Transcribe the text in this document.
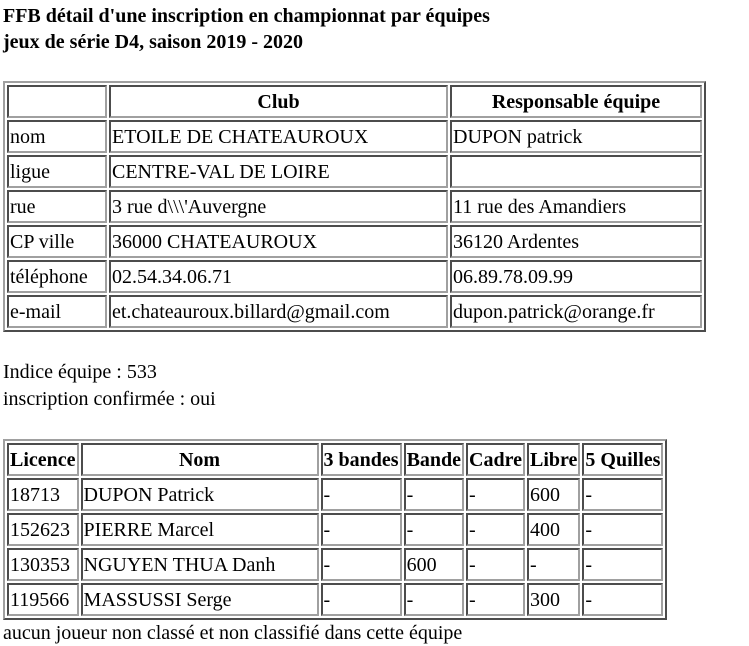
FFB détail d'une inscription en championnat par équipes
jeux de série D4, saison 2019 - 2020
	Club	Responsable équipe
nom	ETOILE DE CHATEAUROUX	DUPON patrick
ligue	CENTRE-VAL DE LOIRE	
rue	3 rue d\\\'Auvergne	11 rue des Amandiers
CP ville	36000 CHATEAUROUX	36120 Ardentes
téléphone	02.54.34.06.71	06.89.78.09.99
e-mail	et.chateauroux.billard@gmail.com	dupon.patrick@orange.fr
Indice équipe : 533
inscription confirmée : oui
Licence	Nom	3 bandes	Bande	Cadre	Libre	5 Quilles
18713	DUPON Patrick	-	-	-	600	-
152623	PIERRE Marcel	-	-	-	400	-
130353	NGUYEN THUA Danh	-	600	-	-	-
119566	MASSUSSI Serge	-	-	-	300	-
aucun joueur non classé et non classifié dans cette équipe
